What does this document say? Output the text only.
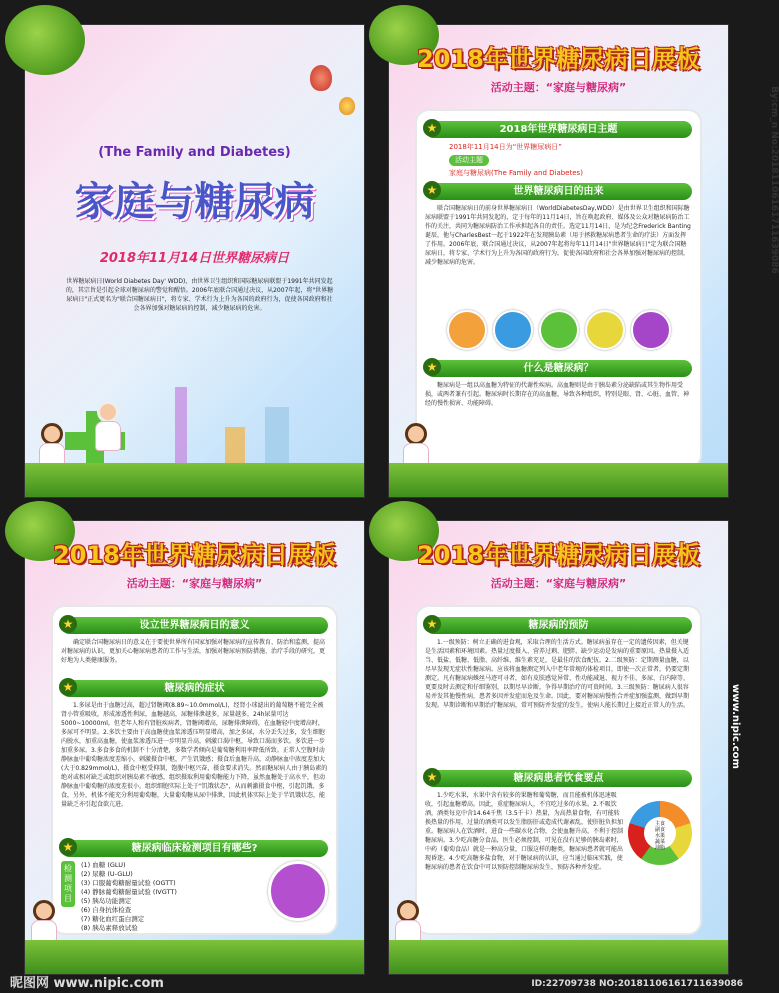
(The Family and Diabetes)
家庭与糖尿病
2018年11月14日世界糖尿病日
世界糖尿病日(World Diabetes Day' WDD)，由世界卫生组织和国际糖尿病联盟于1991年共同发起的，其宗旨是引起全球对糖尿病的警觉和醒悟。2006年底联合国通过决议，从2007年起，将"世界糖尿病日"正式更名为"联合国糖尿病日"，将专家、学术行为上升为各国的政府行为，促使各国政府和社会各界加强对糖尿病的控制，减少糖尿病的危害。
2018年世界糖尿病日展板
活动主题：“家庭与糖尿病”
★	2018年世界糖尿病日主题
2018年11月14日为“世界糖尿病日”
活动主题
家庭与糖尿病(The Family and Diabetes)
★	世界糖尿病日的由来
联合国糖尿病日的前身世界糖尿病日（WorldDiabetesDay,WDD）是由世界卫生组织和国际糖尿病联盟于1991年共同发起的，定于每年的11月14日，旨在唤起政府、媒体及公众对糖尿病防治工作的关注，共同为糖尿病防治工作承担起各自的责任。选定11月14日，是为纪念Frederick Banting诞辰，他与CharlesBest一起于1922年在发现胰岛素（用于拯救糖尿病患者生命的疗法）方面发挥了作用。2006年底，联合国通过决议，从2007年起将每年11月14日"世界糖尿病日"定为联合国糖尿病日，将专家、学术行为上升为各国的政府行为，促使各国政府和社会各界加强对糖尿病的控制，减少糖尿病的危害。
★	什么是糖尿病？
糖尿病是一组以高血糖为特征的代谢性疾病。高血糖则是由于胰岛素分泌缺陷或其生物作用受损，或两者兼有引起。糖尿病时长期存在的高血糖，导致各种组织，特别是眼、肾、心脏、血管、神经的慢性损害、功能障碍。
By:cm_n No:20181106161711639086
2018年世界糖尿病日展板
活动主题：“家庭与糖尿病”
★	设立世界糖尿病日的意义
确定联合国糖尿病日的意义在于要使世界所有国家加强对糖尿病的宣传教育、防治和监测，提高对糖尿病的认识，更加关心糖尿病患者的工作与生活，加强对糖尿病预防措施、治疗手段的研究，更好地为人类健康服务。
★	糖尿病的症状
1.多尿是由于血糖过高，超过肾糖阈(8.89~10.0mmol/L)，经肾小球滤出的葡萄糖不能完全被肾小管重吸收，形成渗透性利尿，血糖越高，尿糖排泄越多，尿量越多，24h尿量可达5000~10000ml。但老年人和有肾脏疾病者，肾糖阈增高，尿糖排泄障碍，在血糖轻中度增高时，多尿可不明显。2.多饮主要由于高血糖使血浆渗透压明显增高，加之多尿，水分丢失过多，发生细胞内脱水，加重高血糖，使血浆渗透压进一步明显升高，刺激口渴中枢，导致口渴而多饮。多饮进一步加重多尿。3.多食多食的机制不十分清楚，多数学者倾向是葡萄糖利用率降低所致。正常人空腹时动静脉血中葡萄糖浓度差缩小，刺激摄食中枢，产生饥饿感；摄食后血糖升高，动静脉血中浓度差加大(大于0.829mmol/L)，摄食中枢受抑制，饱腹中枢兴奋，摄食要求消失。然而糖尿病人由于胰岛素的绝对或相对缺乏或组织对胰岛素不敏感，组织摄取利用葡萄糖能力下降，虽然血糖处于高水平，但动静脉血中葡萄糖的浓度差很小，组织细胞实际上处于"饥饿状态"，从而刺激摄食中枢，引起饥饿、多食，另外，机体不能充分利用葡萄糖，大量葡萄糖从尿中排泄，因此机体实际上处于半饥饿状态，能量缺乏亦引起食欲亢进。
★	糖尿病临床检测项目有哪些?
检测项目
(1) 血糖 (GLU)
(2) 尿糖 (U-GLU)
(3) 口服葡萄糖耐量试验 (OGTT)
(4) 静脉葡萄糖耐量试验 (IVGTT)
(5) 胰岛功能测定
(6) 自身抗体检查
(7) 糖化血红蛋白测定
(8) 胰岛素释放试验
2018年世界糖尿病日展板
活动主题：“家庭与糖尿病”
★	糖尿病的预防
1.一级预防：树立正确的进食观，采取合理的生活方式。糖尿病虽存在一定的遗传因素，但关键是生活因素和环境因素。热量过度摄入、营养过剩、肥胖、缺少运动是发病的重要原因。热量摄入适当、低盐、低糖、低脂、高纤维、维生素充足，是最佳的饮食配伍。2.二级预防：定期测量血糖，以尽早发现无症状性糖尿病。应该将血糖测定列入中老年常规的体检项目，即使一次正常者，仍要定期测定。凡有糖尿病蛛丝马迹可寻者，如有皮肤感觉异常、性功能减退、视力不佳、多尿、白内障等，更要及时去测定和仔细鉴别，以期尽早诊断，争得早期治疗的可贵时间。3.三级预防：糖尿病人很容易并发其他慢性病，患者多因并发症而危及生命。因此，要对糖尿病慢性合并症加强监测，做到早期发现。早期诊断和早期治疗糖尿病，常可预防并发症的发生，使病人能长期过上接近正常人的生活。
★	糖尿病患者饮食要点
1.少吃水果，水果中含有较多的果糖和葡萄糖，而且能被机体迅速吸收，引起血糖增高。因此，重症糖尿病人，不宜吃过多的水果。2.不吸饮酒，酒类每克中含14.64千焦（3.5千卡）热量，为高热量食物，有可能转换热量的作用，过量的酒类可以发生脂肪肝或造成代谢紊乱，使肝脏负担加重。糖尿病人在饮酒时，进食一些碳水化合物，会使血糖升高，不利于控制糖尿病。3.少吃高糖分食品，医生必须控制，可见在没有足够的胰岛素时，中药（葡萄食品）就是一种高分量，口服这样的糖类，糖尿病患者就可能出现昏迷。4.少吃高糖多盐食物，对于糖尿病的认识，应当通过临床实践，使糖尿病的患者在饮食中可以预防控制糖尿病发生，预防各种并发症。
主食
副食
水果
蔬菜
油脂
www.nipic.com
昵图网 www.nipic.com	ID:22709738 NO:20181106161711639086
